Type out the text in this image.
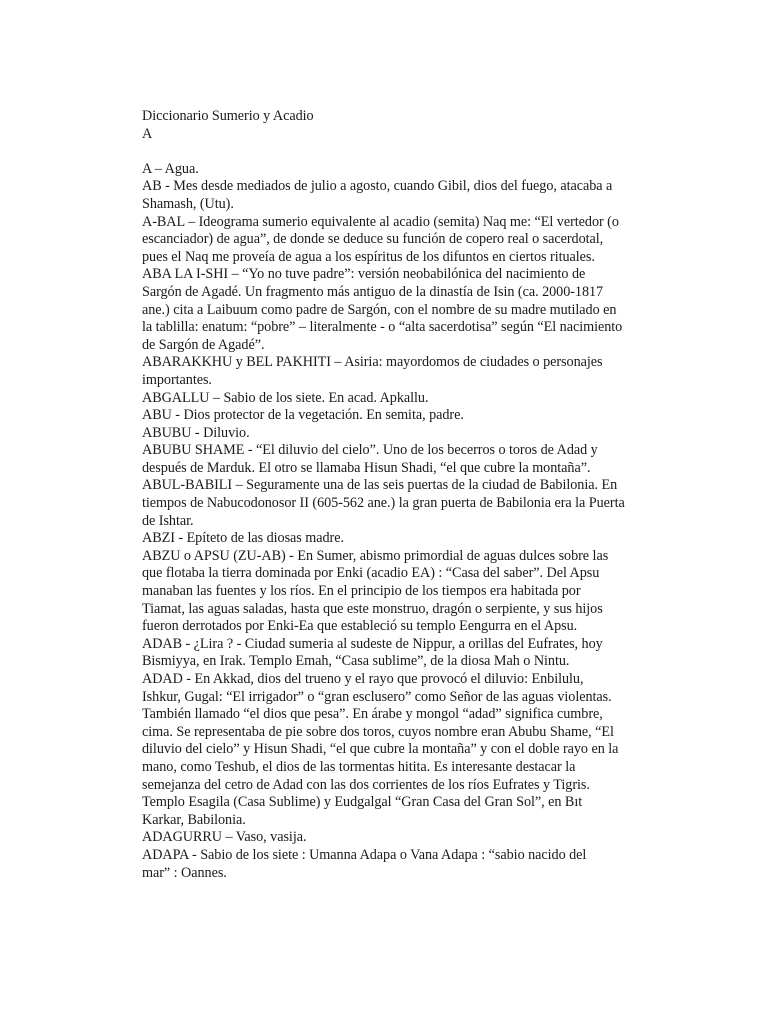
Diccionario Sumerio y Acadio
A
A – Agua.
AB - Mes desde mediados de julio a agosto, cuando Gibil, dios del fuego, atacaba a
Shamash, (Utu).
A-BAL – Ideograma sumerio equivalente al acadio (semita) Naq me: “El vertedor (o
escanciador) de agua”, de donde se deduce su función de copero real o sacerdotal,
pues el Naq me proveía de agua a los espíritus de los difuntos en ciertos rituales.
ABA LA I-SHI – “Yo no tuve padre”: versión neobabilónica del nacimiento de
Sargón de Agadé. Un fragmento más antiguo de la dinastía de Isin (ca. 2000-1817
ane.) cita a Laibuum como padre de Sargón, con el nombre de su madre mutilado en
la tablilla: enatum: “pobre” – literalmente - o “alta sacerdotisa” según “El nacimiento
de Sargón de Agadé”.
ABARAKKHU y BEL PAKHITI – Asiria: mayordomos de ciudades o personajes
importantes.
ABGALLU – Sabio de los siete. En acad. Apkallu.
ABU - Dios protector de la vegetación. En semita, padre.
ABUBU - Diluvio.
ABUBU SHAME - “El diluvio del cielo”. Uno de los becerros o toros de Adad y
después de Marduk. El otro se llamaba Hisun Shadi, “el que cubre la montaña”.
ABUL-BABILI – Seguramente una de las seis puertas de la ciudad de Babilonia. En
tiempos de Nabucodonosor II (605-562 ane.) la gran puerta de Babilonia era la Puerta
de Ishtar.
ABZI - Epíteto de las diosas madre.
ABZU o APSU (ZU-AB) - En Sumer, abismo primordial de aguas dulces sobre las
que flotaba la tierra dominada por Enki (acadio EA) : “Casa del saber”. Del Apsu
manaban las fuentes y los ríos. En el principio de los tiempos era habitada por
Tiamat, las aguas saladas, hasta que este monstruo, dragón o serpiente, y sus hijos
fueron derrotados por Enki-Ea que estableció su templo Eengurra en el Apsu.
ADAB - ¿Lira ? - Ciudad sumeria al sudeste de Nippur, a orillas del Eufrates, hoy
Bismiyya, en Irak. Templo Emah, “Casa sublime”, de la diosa Mah o Nintu.
ADAD - En Akkad, dios del trueno y el rayo que provocó el diluvio: Enbilulu,
Ishkur, Gugal: “El irrigador” o “gran esclusero” como Señor de las aguas violentas.
También llamado “el dios que pesa”. En árabe y mongol “adad” significa cumbre,
cima. Se representaba de pie sobre dos toros, cuyos nombre eran Abubu Shame, “El
diluvio del cielo” y Hisun Shadi, “el que cubre la montaña” y con el doble rayo en la
mano, como Teshub, el dios de las tormentas hitita. Es interesante destacar la
semejanza del cetro de Adad con las dos corrientes de los ríos Eufrates y Tigris.
Templo Esagila (Casa Sublime) y Eudgalgal “Gran Casa del Gran Sol”, en Bıt
Karkar, Babilonia.
ADAGURRU – Vaso, vasija.
ADAPA - Sabio de los siete : Umanna Adapa o Vana Adapa : “sabio nacido del
mar” : Oannes.
